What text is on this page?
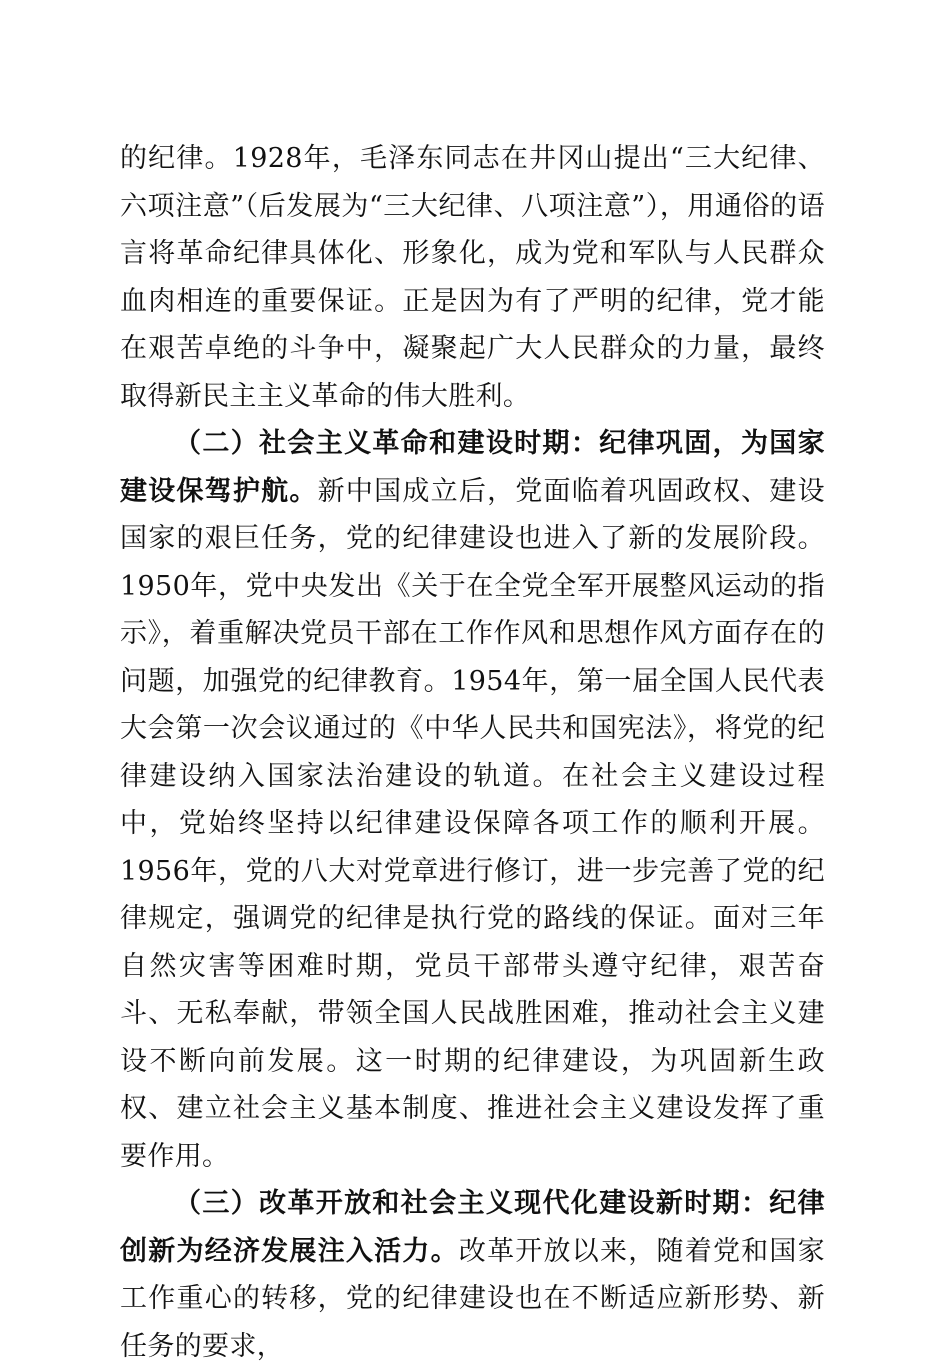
的纪律。1928年，毛泽东同志在井冈山提出“三大纪律、六项注意”（后发展为“三大纪律、八项注意”），用通俗的语言将革命纪律具体化、形象化，成为党和军队与人民群众血肉相连的重要保证。正是因为有了严明的纪律，党才能在艰苦卓绝的斗争中，凝聚起广大人民群众的力量，最终取得新民主主义革命的伟大胜利。

（二）社会主义革命和建设时期：纪律巩固，为国家建设保驾护航。新中国成立后，党面临着巩固政权、建设国家的艰巨任务，党的纪律建设也进入了新的发展阶段。1950年，党中央发出《关于在全党全军开展整风运动的指示》，着重解决党员干部在工作作风和思想作风方面存在的问题，加强党的纪律教育。1954年，第一届全国人民代表大会第一次会议通过的《中华人民共和国宪法》，将党的纪律建设纳入国家法治建设的轨道。在社会主义建设过程中，党始终坚持以纪律建设保障各项工作的顺利开展。1956年，党的八大对党章进行修订，进一步完善了党的纪律规定，强调党的纪律是执行党的路线的保证。面对三年自然灾害等困难时期，党员干部带头遵守纪律，艰苦奋斗、无私奉献，带领全国人民战胜困难，推动社会主义建设不断向前发展。这一时期的纪律建设，为巩固新生政权、建立社会主义基本制度、推进社会主义建设发挥了重要作用。

（三）改革开放和社会主义现代化建设新时期：纪律创新为经济发展注入活力。改革开放以来，随着党和国家工作重心的转移，党的纪律建设也在不断适应新形势、新任务的要求，
